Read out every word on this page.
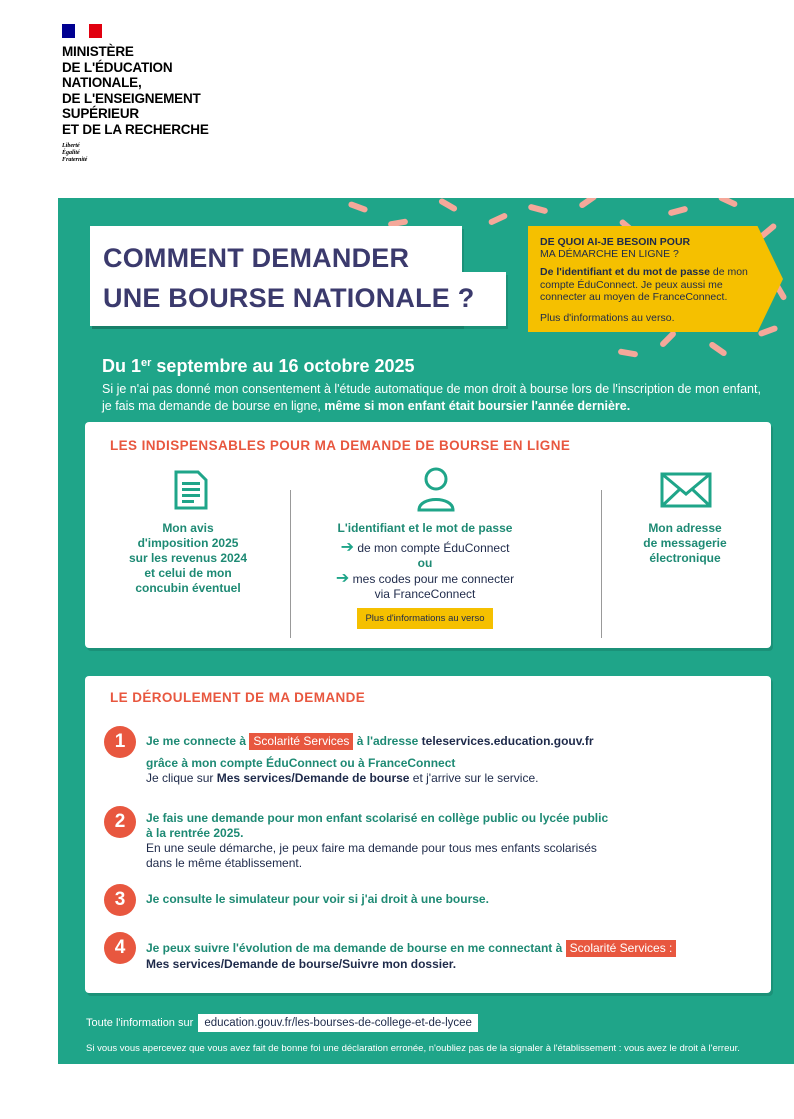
MINISTÈRE
DE L'ÉDUCATION
NATIONALE,
DE L'ENSEIGNEMENT
SUPÉRIEUR
ET DE LA RECHERCHE
Liberté
Égalité
Fraternité
COMMENT DEMANDER
UNE BOURSE NATIONALE ?
DE QUOI AI-JE BESOIN POUR
MA DÉMARCHE EN LIGNE ?
De l'identifiant et du mot de passe de mon compte ÉduConnect. Je peux aussi me connecter au moyen de FranceConnect.
Plus d'informations au verso.
Du 1er septembre au 16 octobre 2025
Si je n'ai pas donné mon consentement à l'étude automatique de mon droit à bourse lors de l'inscription de mon enfant, je fais ma demande de bourse en ligne, même si mon enfant était boursier l'année dernière.
LES INDISPENSABLES POUR MA DEMANDE DE BOURSE EN LIGNE
Mon avis
d'imposition 2025
sur les revenus 2024
et celui de mon
concubin éventuel
L'identifiant et le mot de passe
➔ de mon compte ÉduConnect
ou
➔ mes codes pour me connecter
via FranceConnect
Plus d'informations au verso
Mon adresse
de messagerie
électronique
LE DÉROULEMENT DE MA DEMANDE
1	Je me connecte à Scolarité Services à l'adresse teleservices.education.gouv.fr
grâce à mon compte ÉduConnect ou à FranceConnect
Je clique sur Mes services/Demande de bourse et j'arrive sur le service.
2	Je fais une demande pour mon enfant scolarisé en collège public ou lycée public
à la rentrée 2025.
En une seule démarche, je peux faire ma demande pour tous mes enfants scolarisés
dans le même établissement.
3	Je consulte le simulateur pour voir si j'ai droit à une bourse.
4	Je peux suivre l'évolution de ma demande de bourse en me connectant à Scolarité Services :
Mes services/Demande de bourse/Suivre mon dossier.
Toute l'information sur education.gouv.fr/les-bourses-de-college-et-de-lycee
Si vous vous apercevez que vous avez fait de bonne foi une déclaration erronée, n'oubliez pas de la signaler à l'établissement : vous avez le droit à l'erreur.
